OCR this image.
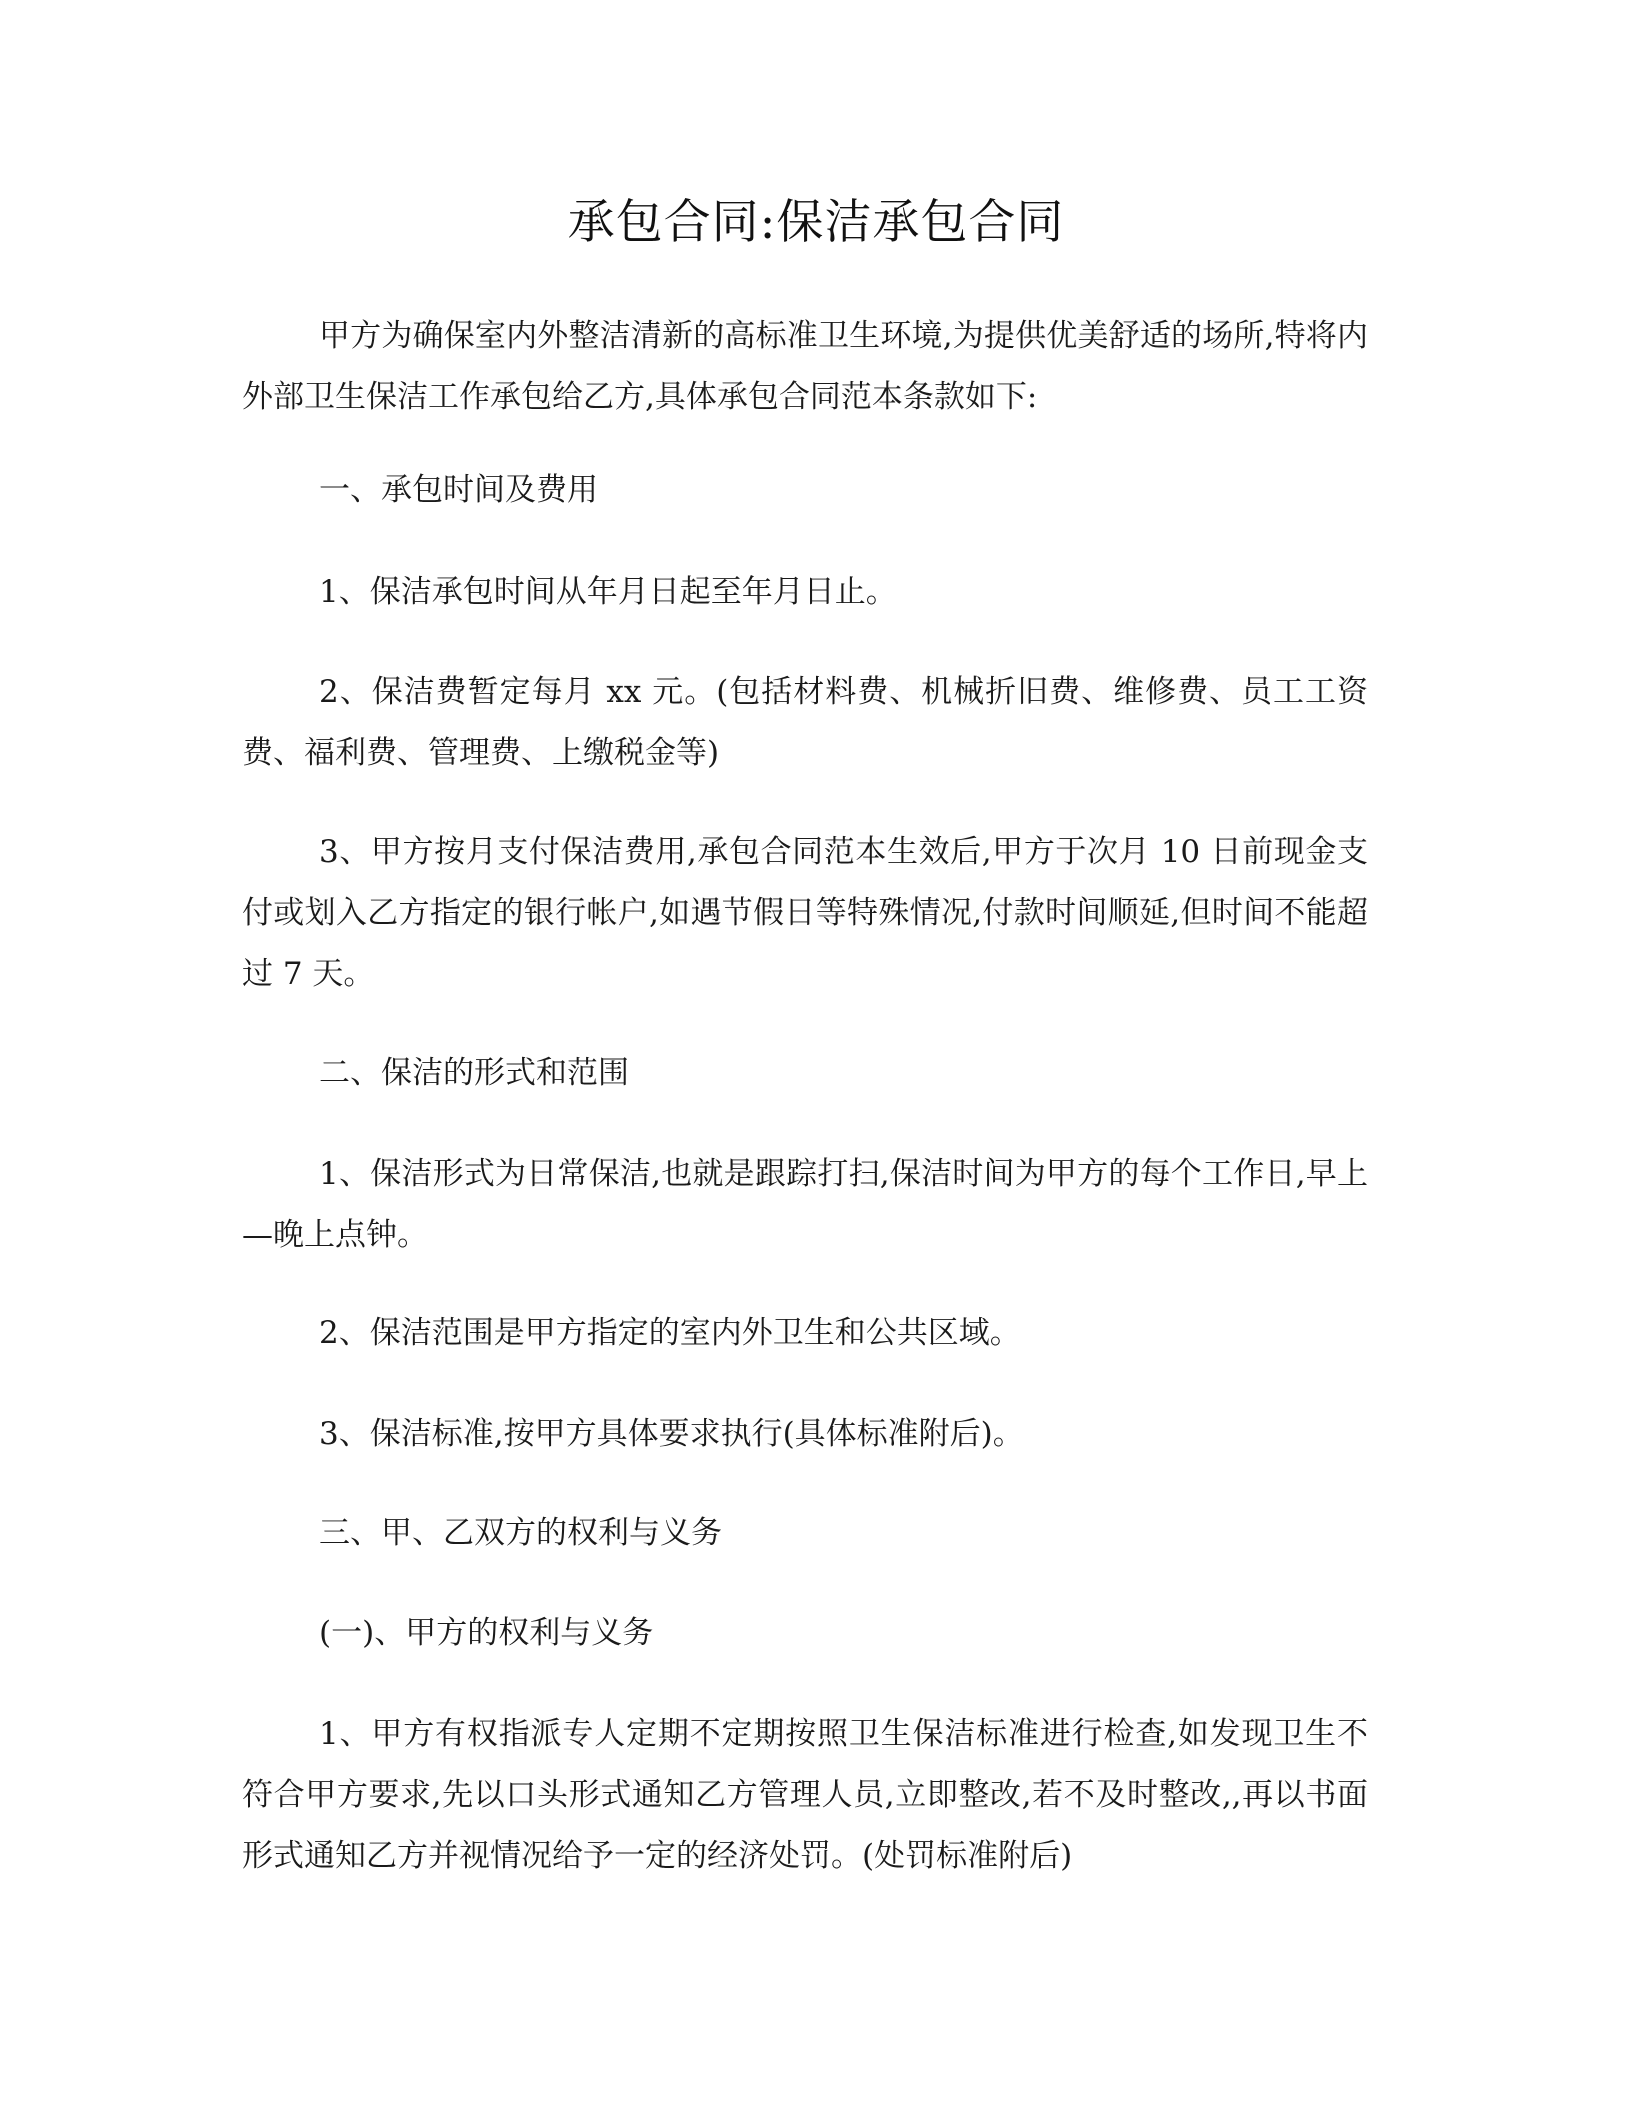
承包合同:保洁承包合同

甲方为确保室内外整洁清新的高标准卫生环境,为提供优美舒适的场所,特将内外部卫生保洁工作承包给乙方,具体承包合同范本条款如下:

一、承包时间及费用

1、保洁承包时间从年月日起至年月日止。

2、保洁费暂定每月 xx 元。(包括材料费、机械折旧费、维修费、员工工资费、福利费、管理费、上缴税金等)

3、甲方按月支付保洁费用,承包合同范本生效后,甲方于次月 10 日前现金支付或划入乙方指定的银行帐户,如遇节假日等特殊情况,付款时间顺延,但时间不能超过 7 天。

二、保洁的形式和范围

1、保洁形式为日常保洁,也就是跟踪打扫,保洁时间为甲方的每个工作日,早上—晚上点钟。

2、保洁范围是甲方指定的室内外卫生和公共区域。

3、保洁标准,按甲方具体要求执行(具体标准附后)。

三、甲、乙双方的权利与义务

(一)、甲方的权利与义务

1、甲方有权指派专人定期不定期按照卫生保洁标准进行检查,如发现卫生不符合甲方要求,先以口头形式通知乙方管理人员,立即整改,若不及时整改,,再以书面形式通知乙方并视情况给予一定的经济处罚。(处罚标准附后)
